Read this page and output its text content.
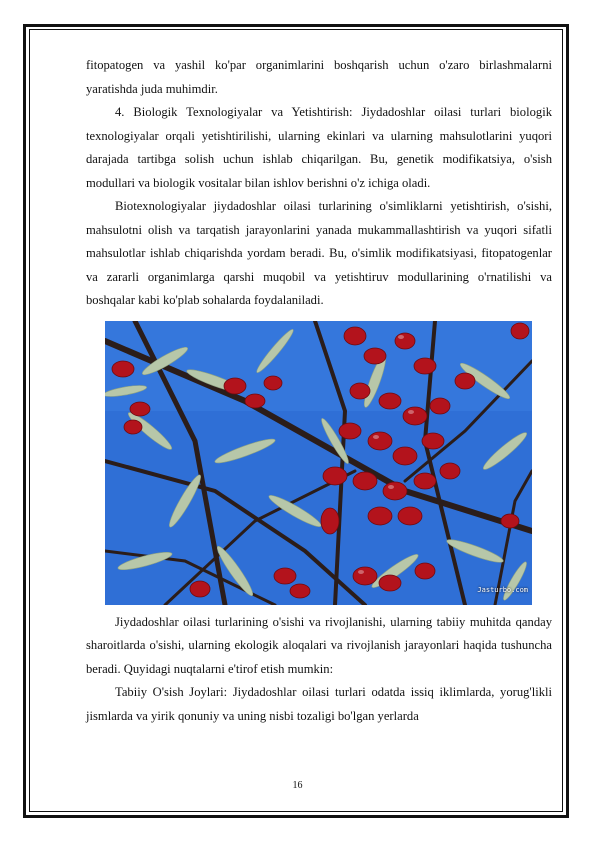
fitopatogen va yashil ko'par organimlarini boshqarish uchun o'zaro birlashmalarni yaratishda juda muhimdir.

4. Biologik Texnologiyalar va Yetishtirish: Jiydadoshlar oilasi turlari biologik texnologiyalar orqali yetishtirilishi, ularning ekinlari va ularning mahsulotlarini yuqori darajada tartibga solish uchun ishlab chiqarilgan. Bu, genetik modifikatsiya, o'sish modullari va biologik vositalar bilan ishlov berishni o'z ichiga oladi.

Biotexnologiyalar jiydadoshlar oilasi turlarining o'simliklarni yetishtirish, o'sishi, mahsulotni olish va tarqatish jarayonlarini yanada mukammallashtirish va yuqori sifatli mahsulotlar ishlab chiqarishda yordam beradi. Bu, o'simlik modifikatsiyasi, fitopatogenlar va zararli organimlarga qarshi muqobil va yetishtiruv modullarining o'rnatilishi va boshqalar kabi ko'plab sohalarda foydalaniladi.

Jasturbo.com

Jiydadoshlar oilasi turlarining o'sishi va rivojlanishi, ularning tabiiy muhitda qanday sharoitlarda o'sishi, ularning ekologik aloqalari va rivojlanish jarayonlari haqida tushuncha beradi. Quyidagi nuqtalarni e'tirof etish mumkin:

Tabiiy O'sish Joylari: Jiydadoshlar oilasi turlari odatda issiq iklimlarda, yorug'likli jismlarda va yirik qonuniy va uning nisbi tozaligi bo'lgan yerlarda

16
